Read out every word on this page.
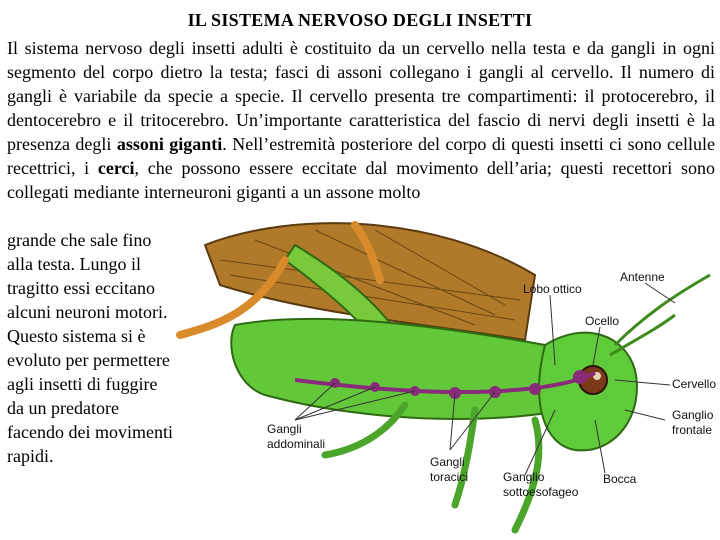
IL SISTEMA NERVOSO DEGLI INSETTI
Il sistema nervoso degli insetti adulti è costituito da un cervello nella testa e da gangli in ogni segmento del corpo dietro la testa; fasci di assoni collegano i gangli al cervello. Il numero di gangli è variabile da specie a specie. Il cervello presenta tre compartimenti: il protocerebro, il dentocerebro e il tritocerebro. Un’importante caratteristica del fascio di nervi degli insetti è la presenza degli assoni giganti. Nell’estremità posteriore del corpo di questi insetti ci sono cellule recettrici, i cerci, che possono essere eccitate dal movimento dell’aria; questi recettori sono collegati mediante interneuroni giganti a un assone molto
grande che sale fino alla testa. Lungo il tragitto essi eccitano alcuni neuroni motori. Questo sistema si è evoluto per permettere agli insetti di fuggire da un predatore facendo dei movimenti rapidi.
Antenne
Lobo ottico
Ocello
Cervello
Ganglio
frontale
Gangli
addominali
Gangli
toracici	Ganglio
sottoesofageo
Bocca
